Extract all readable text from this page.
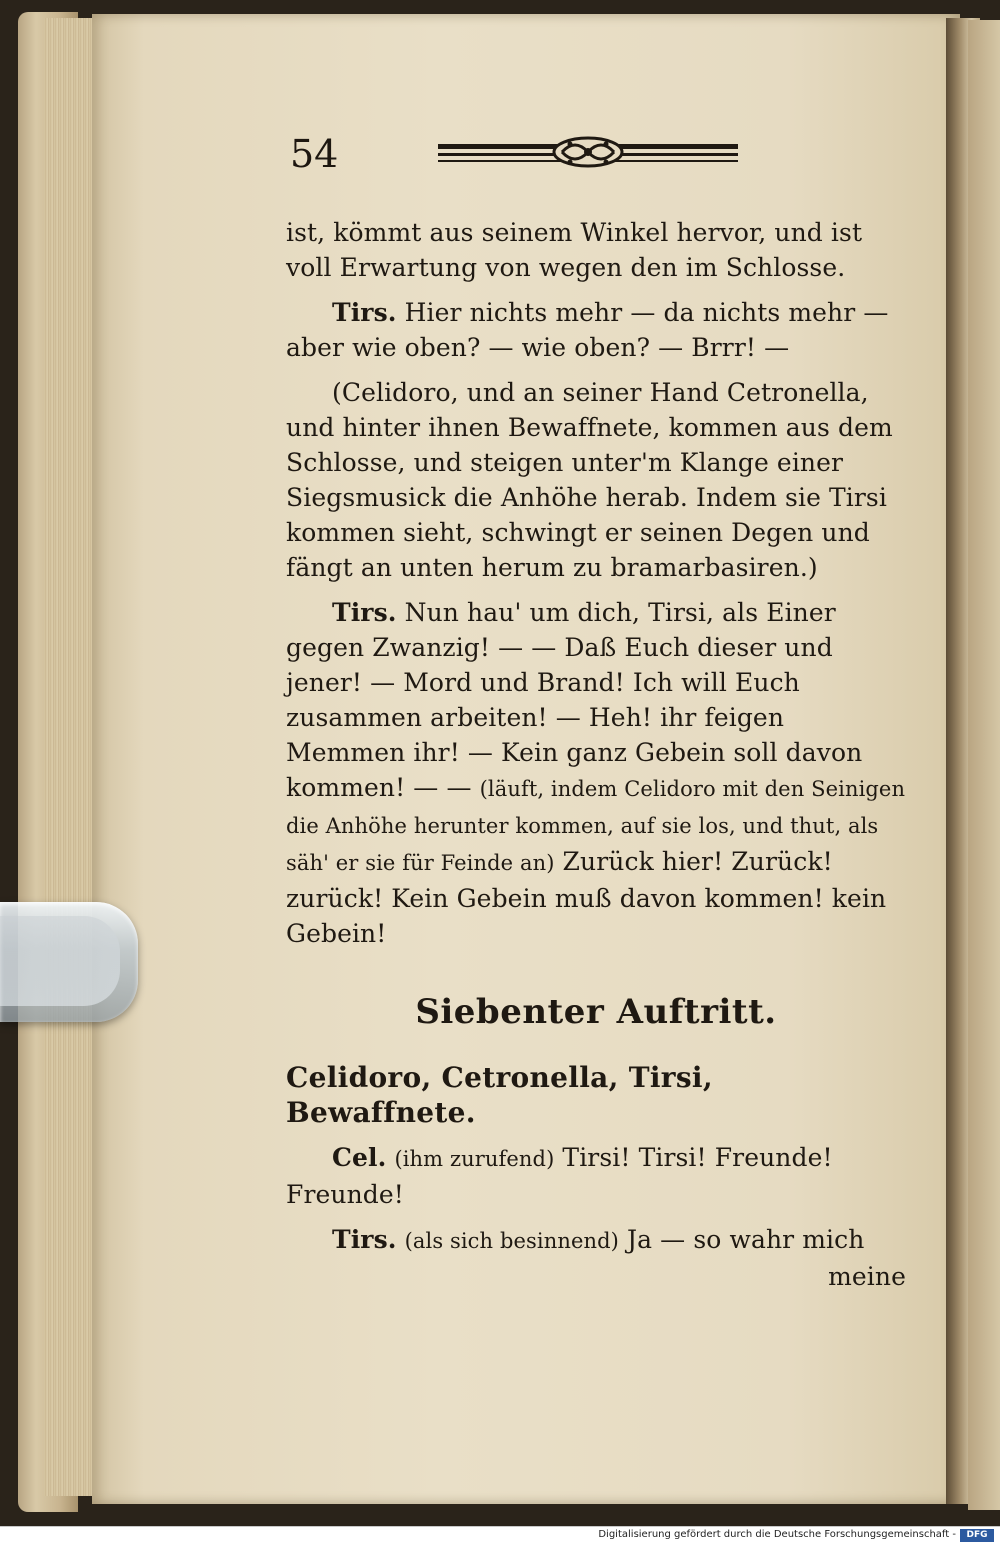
54

ist, kömmt aus seinem Winkel hervor, und ist voll Erwartung von wegen den im Schlosse.

Tirs. Hier nichts mehr — da nichts mehr — aber wie oben? — wie oben? — Brrr! —

(Celidoro, und an seiner Hand Cetronella, und hinter ihnen Bewaffnete, kommen aus dem Schlosse, und steigen unter'm Klange einer Siegsmusick die Anhöhe herab. Indem sie Tirsi kommen sieht, schwingt er seinen Degen und fängt an unten herum zu bramarbasiren.)

Tirs. Nun hau' um dich, Tirsi, als Einer gegen Zwanzig! — — Daß Euch dieser und jener! — Mord und Brand! Ich will Euch zusammen arbeiten! — Heh! ihr feigen Memmen ihr! — Kein ganz Gebein soll davon kommen! — — (läuft, indem Celidoro mit den Seinigen die Anhöhe herunter kommen, auf sie los, und thut, als säh' er sie für Feinde an) Zurück hier! Zurück! zurück! Kein Gebein muß davon kommen! kein Gebein!

Siebenter Auftritt.

Celidoro, Cetronella, Tirsi, Bewaffnete.

Cel. (ihm zurufend) Tirsi! Tirsi! Freunde! Freunde!

Tirs. (als sich besinnend) Ja — so wahr mich

meine

Digitalisierung gefördert durch die Deutsche Forschungsgemeinschaft -	DFG
